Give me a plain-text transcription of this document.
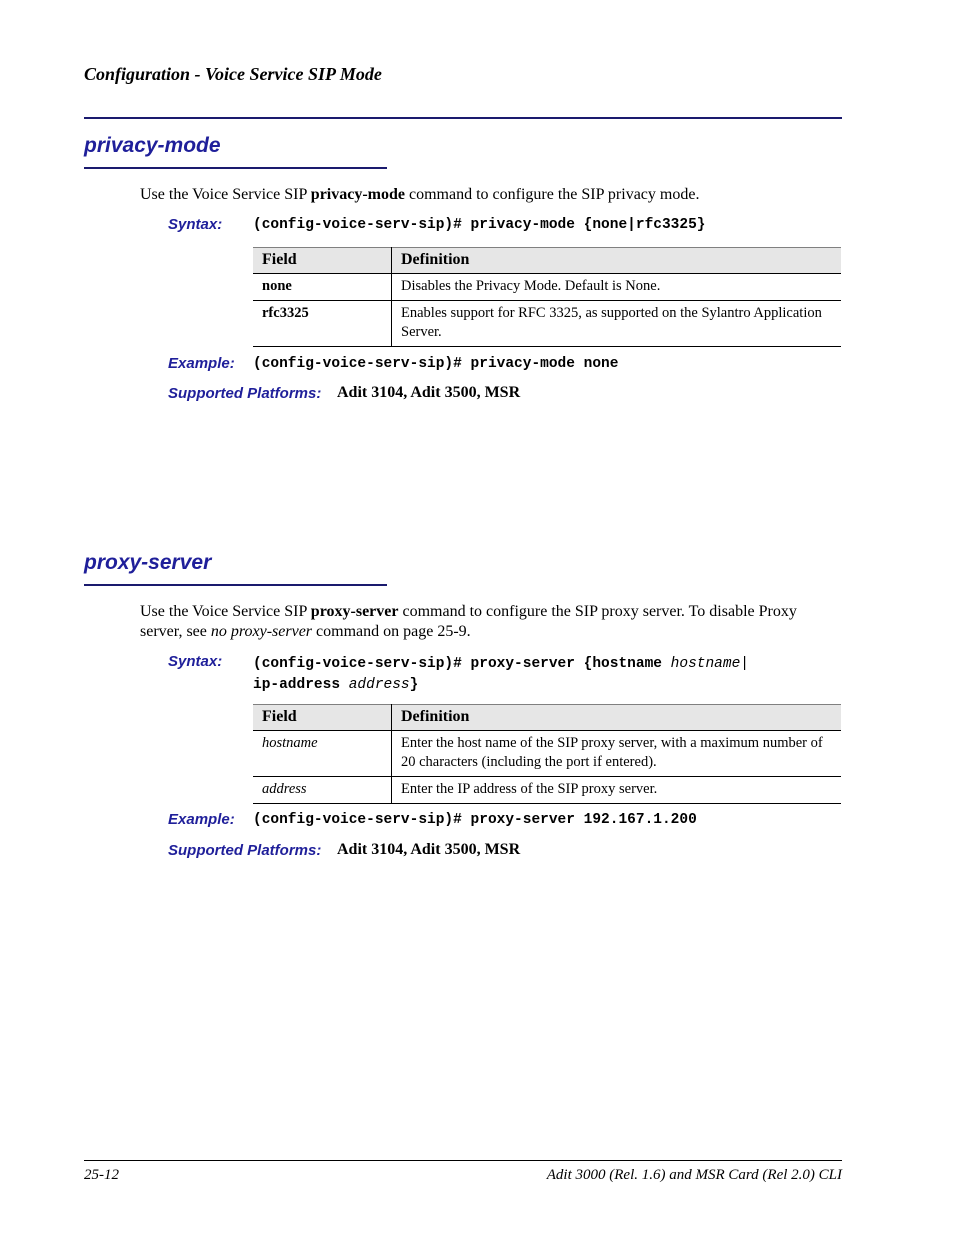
Configuration - Voice Service SIP Mode
privacy-mode
Use the Voice Service SIP privacy-mode command to configure the SIP privacy mode.
Syntax: (config-voice-serv-sip)# privacy-mode {none|rfc3325}
Field	Definition
none	Disables the Privacy Mode. Default is None.
rfc3325	Enables support for RFC 3325, as supported on the Sylantro Application Server.
Example: (config-voice-serv-sip)# privacy-mode none
Supported Platforms: Adit 3104, Adit 3500, MSR
proxy-server
Use the Voice Service SIP proxy-server command to configure the SIP proxy server. To disable Proxy server, see no proxy-server command on page 25-9.
Syntax: (config-voice-serv-sip)# proxy-server {hostname hostname|
ip-address address}
Field	Definition
hostname	Enter the host name of the SIP proxy server, with a maximum number of 20 characters (including the port if entered).
address	Enter the IP address of the SIP proxy server.
Example: (config-voice-serv-sip)# proxy-server 192.167.1.200
Supported Platforms: Adit 3104, Adit 3500, MSR
25-12	Adit 3000 (Rel. 1.6) and MSR Card (Rel 2.0) CLI
